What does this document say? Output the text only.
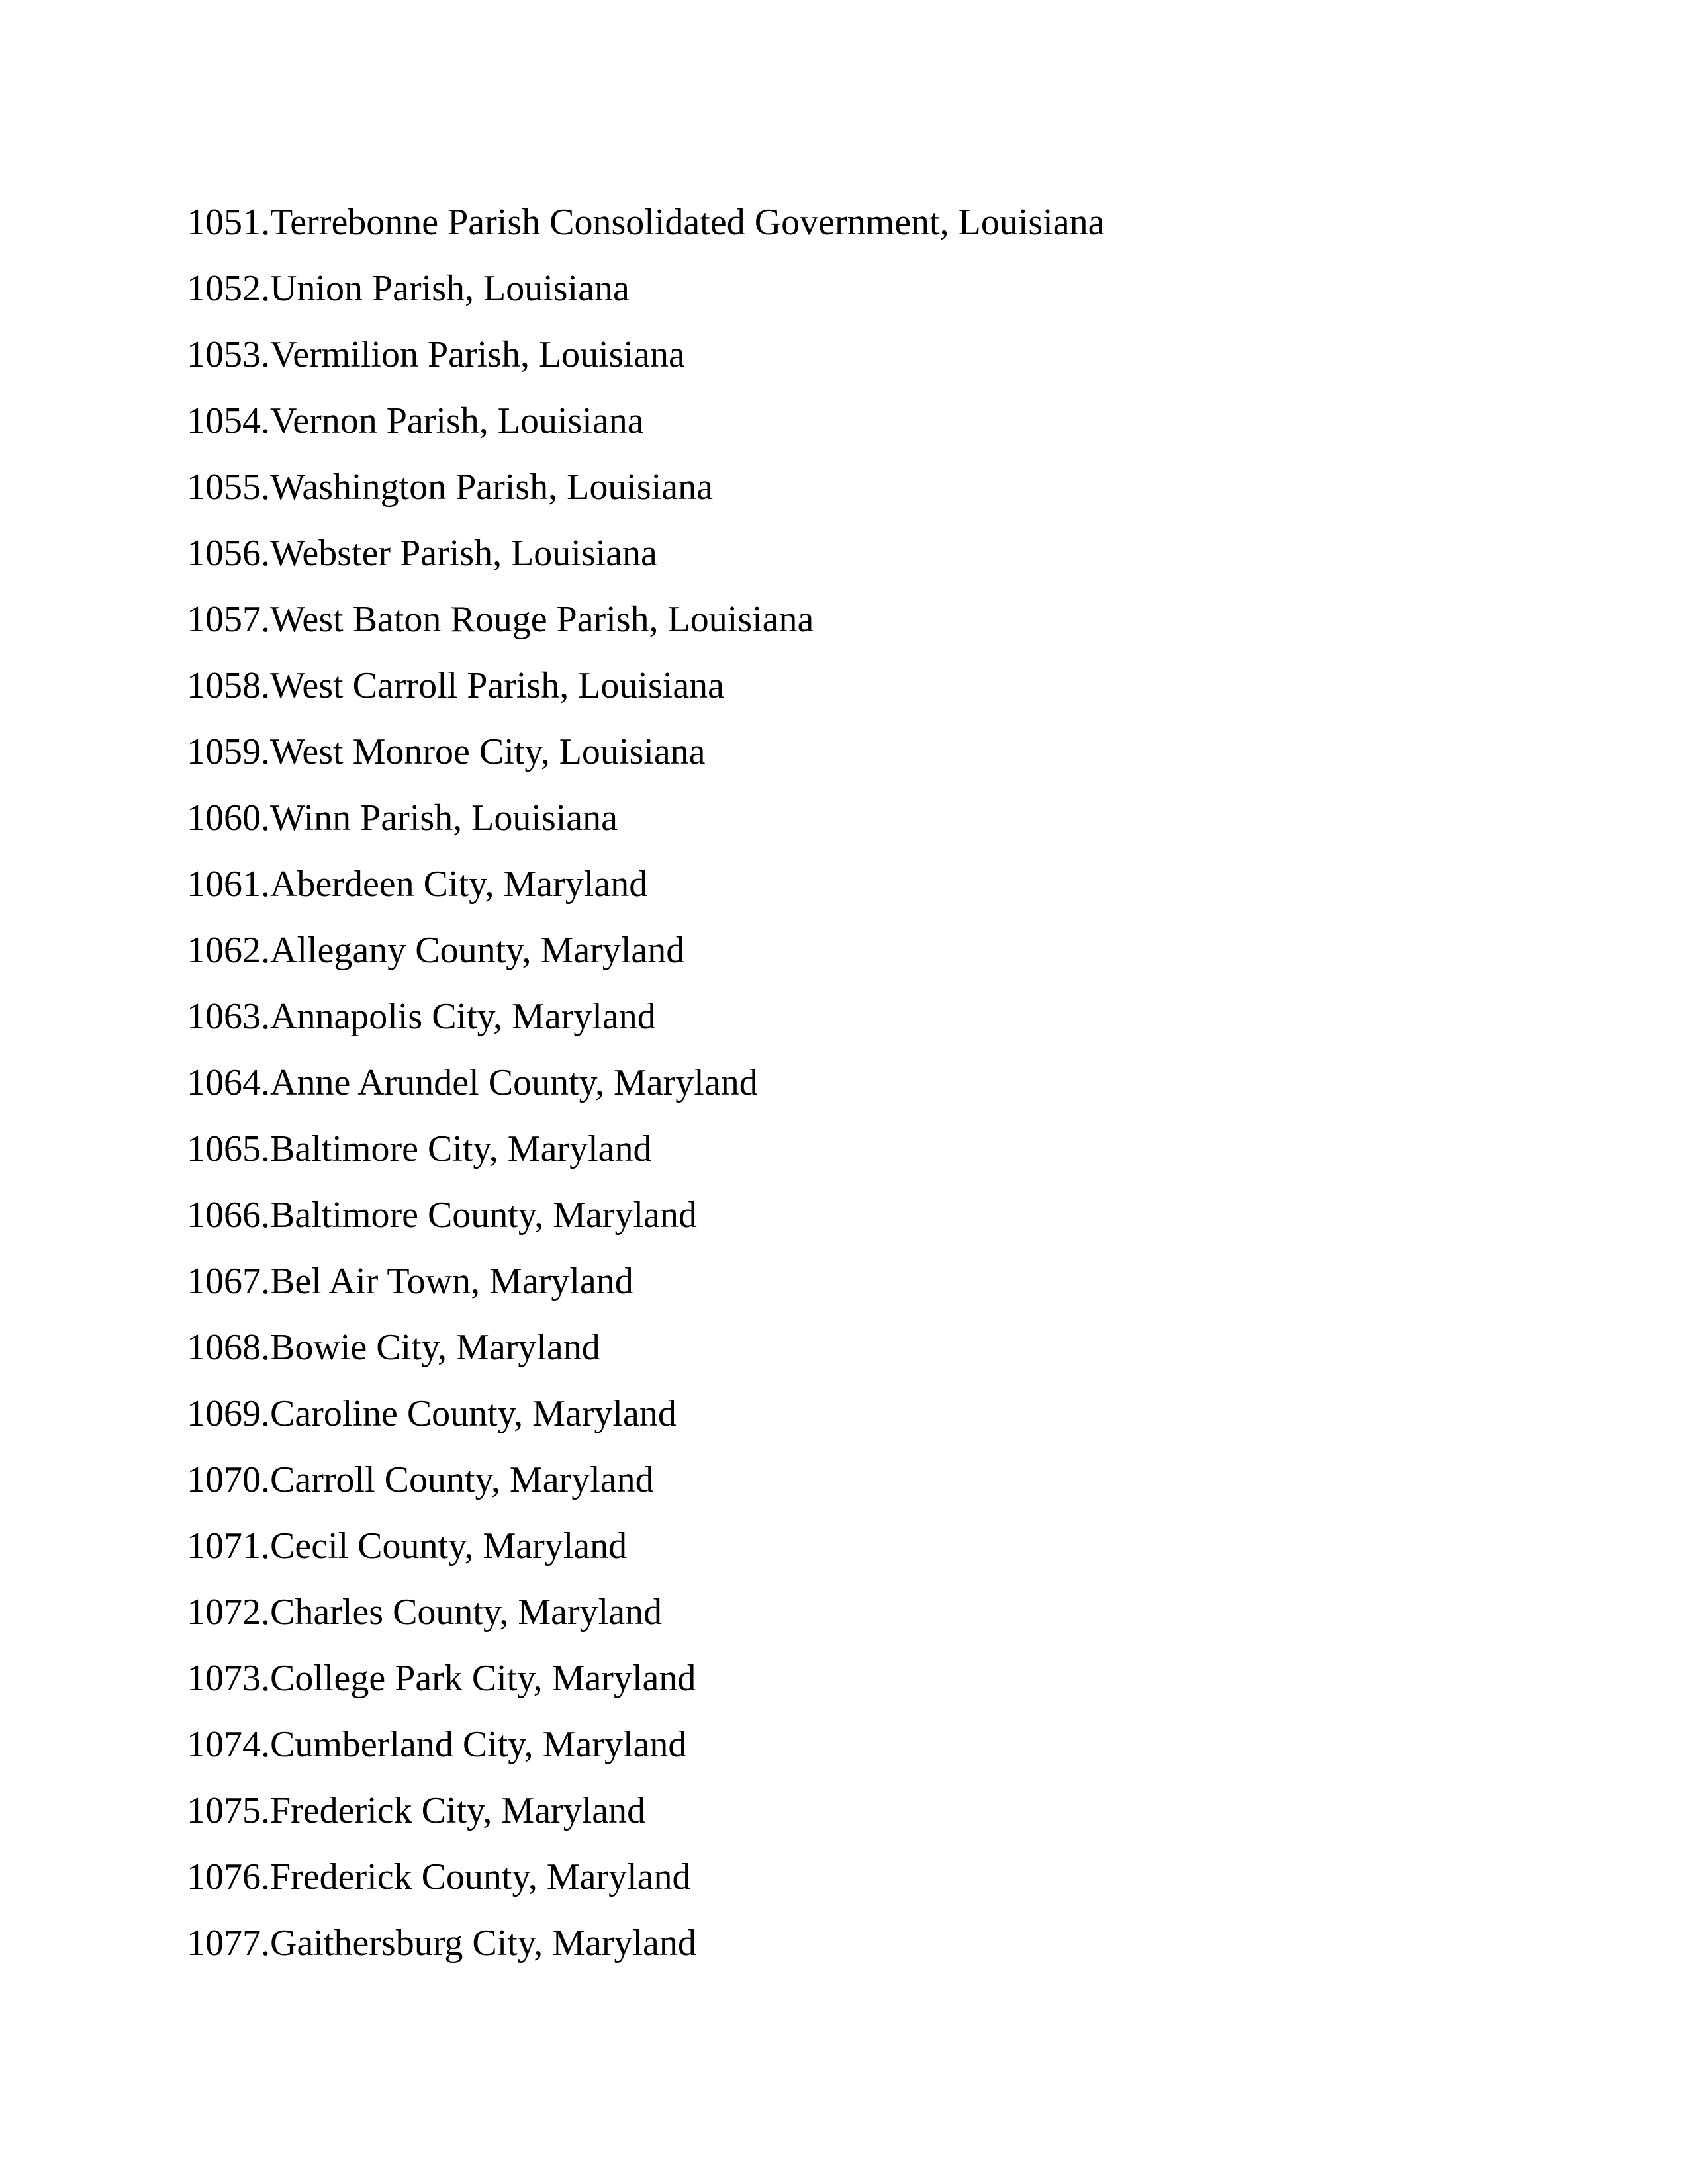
1051.Terrebonne Parish Consolidated Government, Louisiana
1052.Union Parish, Louisiana
1053.Vermilion Parish, Louisiana
1054.Vernon Parish, Louisiana
1055.Washington Parish, Louisiana
1056.Webster Parish, Louisiana
1057.West Baton Rouge Parish, Louisiana
1058.West Carroll Parish, Louisiana
1059.West Monroe City, Louisiana
1060.Winn Parish, Louisiana
1061.Aberdeen City, Maryland
1062.Allegany County, Maryland
1063.Annapolis City, Maryland
1064.Anne Arundel County, Maryland
1065.Baltimore City, Maryland
1066.Baltimore County, Maryland
1067.Bel Air Town, Maryland
1068.Bowie City, Maryland
1069.Caroline County, Maryland
1070.Carroll County, Maryland
1071.Cecil County, Maryland
1072.Charles County, Maryland
1073.College Park City, Maryland
1074.Cumberland City, Maryland
1075.Frederick City, Maryland
1076.Frederick County, Maryland
1077.Gaithersburg City, Maryland
